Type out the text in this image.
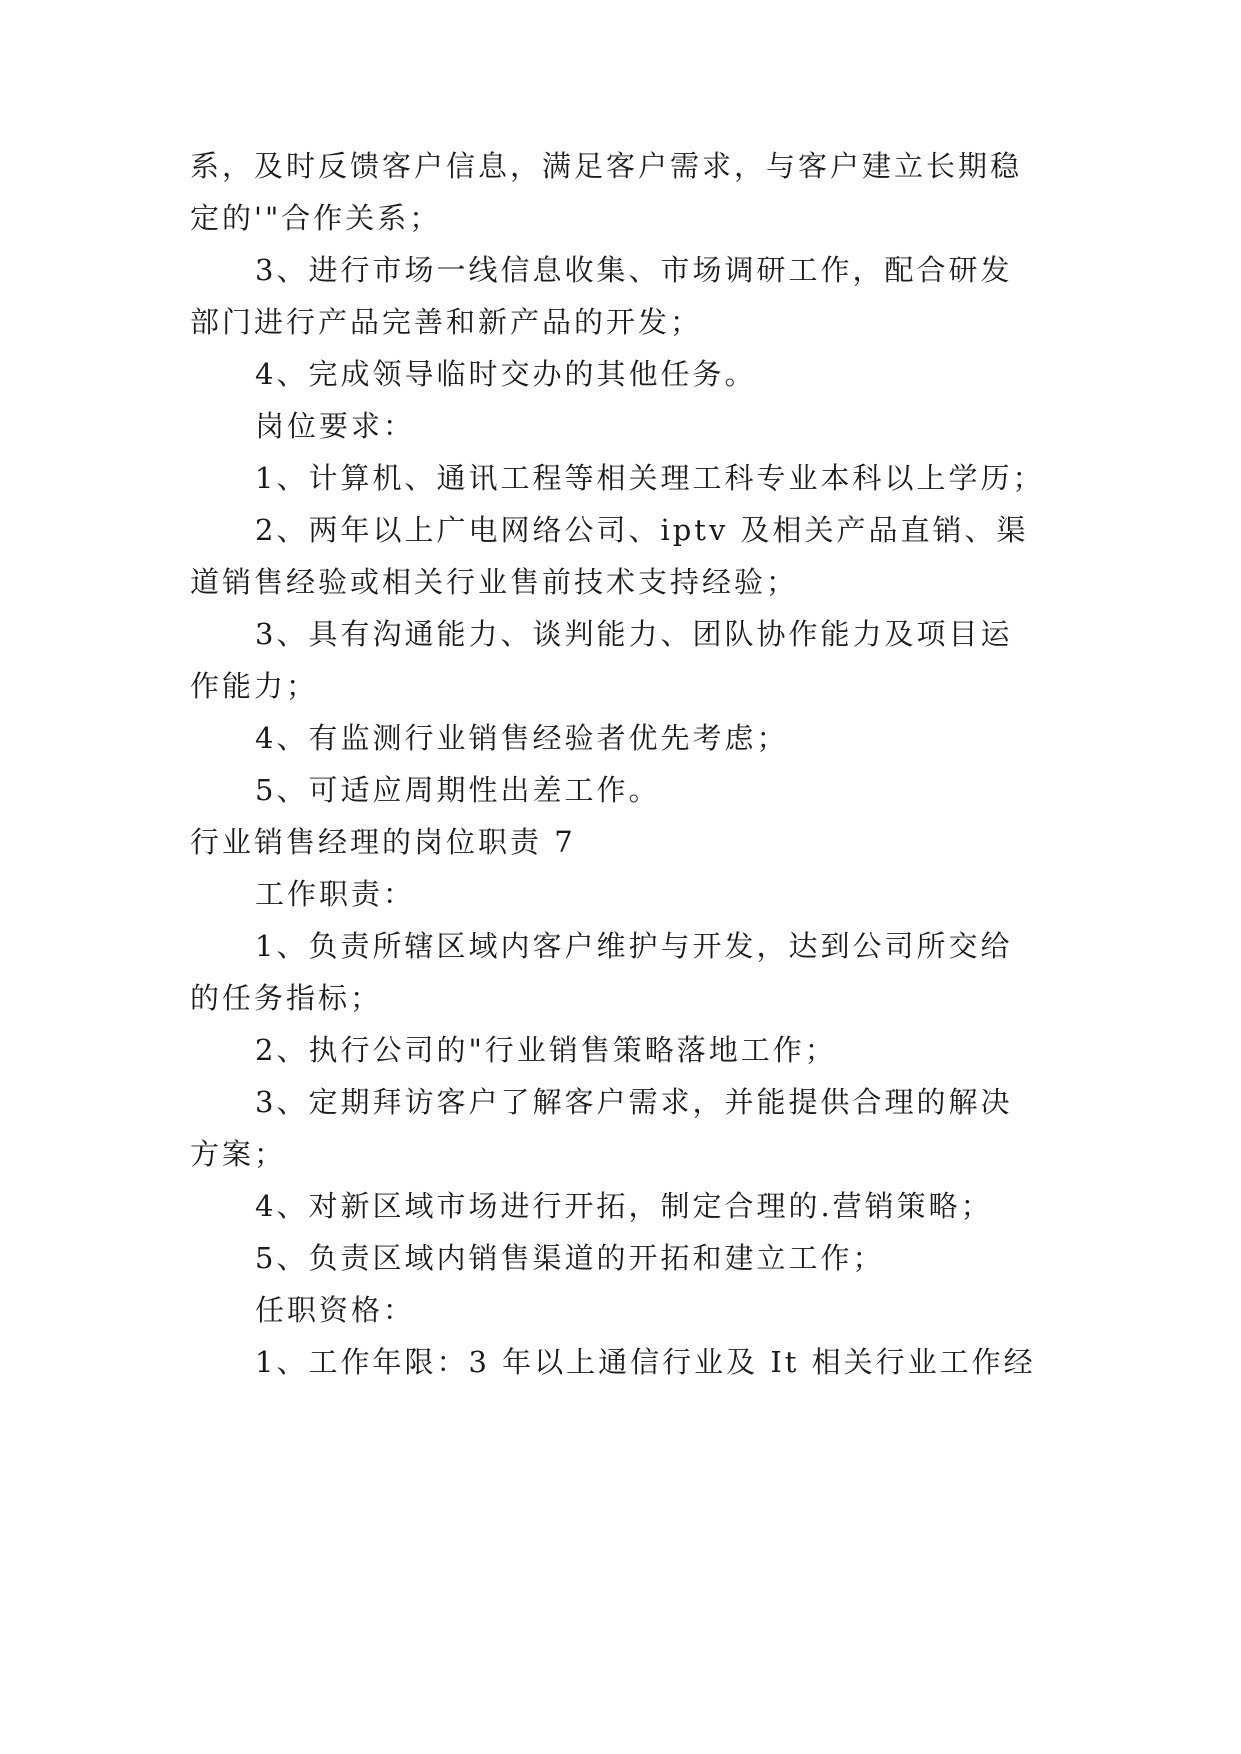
系，及时反馈客户信息，满足客户需求，与客户建立长期稳
定的'"合作关系；
3、进行市场一线信息收集、市场调研工作，配合研发
部门进行产品完善和新产品的开发；
4、完成领导临时交办的其他任务。
岗位要求：
1、计算机、通讯工程等相关理工科专业本科以上学历；
2、两年以上广电网络公司、iptv 及相关产品直销、渠
道销售经验或相关行业售前技术支持经验；
3、具有沟通能力、谈判能力、团队协作能力及项目运
作能力；
4、有监测行业销售经验者优先考虑；
5、可适应周期性出差工作。
行业销售经理的岗位职责 7
工作职责：
1、负责所辖区域内客户维护与开发，达到公司所交给
的任务指标；
2、执行公司的"行业销售策略落地工作；
3、定期拜访客户了解客户需求，并能提供合理的解决
方案；
4、对新区域市场进行开拓，制定合理的.营销策略；
5、负责区域内销售渠道的开拓和建立工作；
任职资格：
1、工作年限：3 年以上通信行业及 It 相关行业工作经
